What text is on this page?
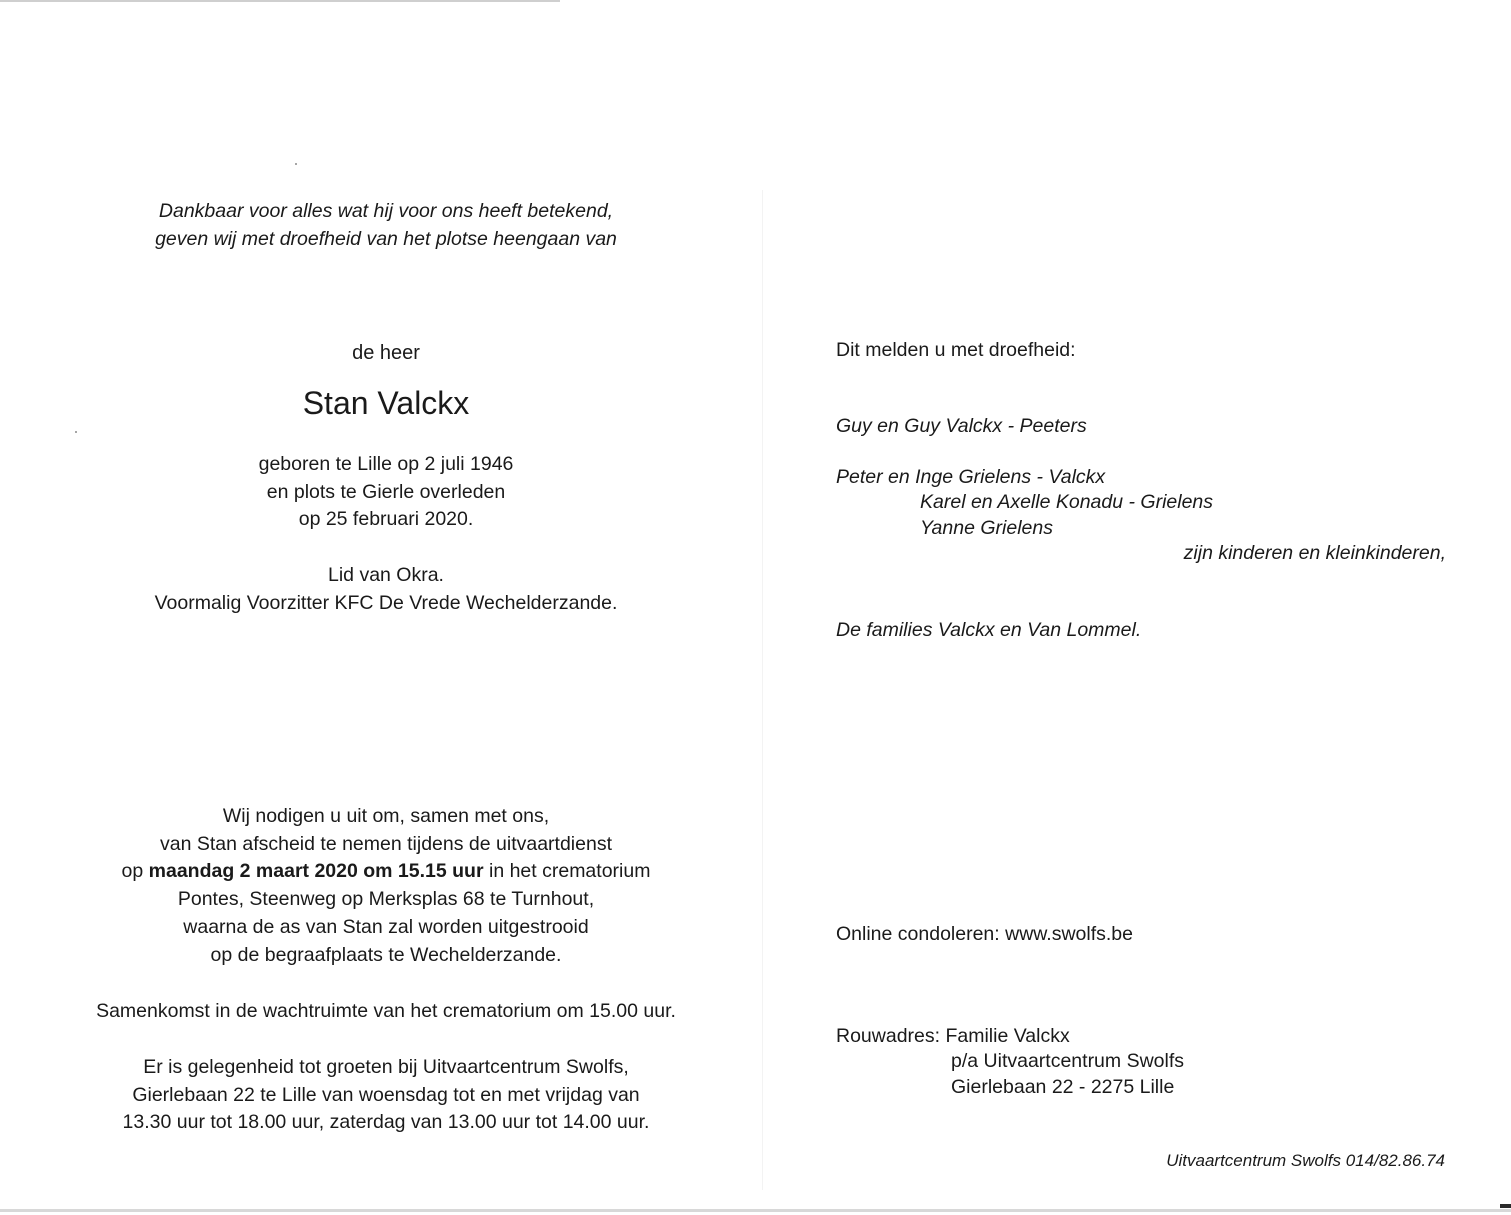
Dankbaar voor alles wat hij voor ons heeft betekend,
geven wij met droefheid van het plotse heengaan van
de heer
Stan Valckx
geboren te Lille op 2 juli 1946
en plots te Gierle overleden
op 25 februari 2020.
Lid van Okra.
Voormalig Voorzitter KFC De Vrede Wechelderzande.
Wij nodigen u uit om, samen met ons,
van Stan afscheid te nemen tijdens de uitvaartdienst
op maandag 2 maart 2020 om 15.15 uur in het crematorium
Pontes, Steenweg op Merksplas 68 te Turnhout,
waarna de as van Stan zal worden uitgestrooid
op de begraafplaats te Wechelderzande.
Samenkomst in de wachtruimte van het crematorium om 15.00 uur.
Er is gelegenheid tot groeten bij Uitvaartcentrum Swolfs,
Gierlebaan 22 te Lille van woensdag tot en met vrijdag van
13.30 uur tot 18.00 uur, zaterdag van 13.00 uur tot 14.00 uur.
Dit melden u met droefheid:
Guy en Guy Valckx - Peeters
Peter en Inge Grielens - Valckx
Karel en Axelle Konadu - Grielens
Yanne Grielens
zijn kinderen en kleinkinderen,
De families Valckx en Van Lommel.
Online condoleren: www.swolfs.be
Rouwadres: Familie Valckx
p/a Uitvaartcentrum Swolfs
Gierlebaan 22 - 2275 Lille
Uitvaartcentrum Swolfs 014/82.86.74
